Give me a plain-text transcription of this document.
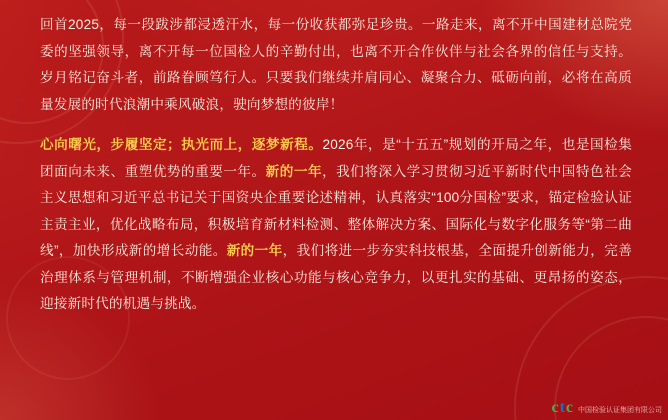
回首2025，每一段跋涉都浸透汗水，每一份收获都弥足珍贵。一路走来，离不开中国建材总院党委的坚强领导，离不开每一位国检人的辛勤付出，也离不开合作伙伴与社会各界的信任与支持。岁月铭记奋斗者，前路眷顾笃行人。只要我们继续并肩同心、凝聚合力、砥砺向前，必将在高质量发展的时代浪潮中乘风破浪，驶向梦想的彼岸！

心向曙光，步履坚定；执光而上，逐梦新程。2026年，是“十五五”规划的开局之年，也是国检集团面向未来、重塑优势的重要一年。新的一年，我们将深入学习贯彻习近平新时代中国特色社会主义思想和习近平总书记关于国资央企重要论述精神，认真落实“100分国检”要求，锚定检验认证主责主业，优化战略布局，积极培育新材料检测、整体解决方案、国际化与数字化服务等“第二曲线”，加快形成新的增长动能。新的一年，我们将进一步夯实科技根基，全面提升创新能力，完善治理体系与管理机制，不断增强企业核心功能与核心竞争力，以更扎实的基础、更昂扬的姿态，迎接新时代的机遇与挑战。

c t c 中国检验认证集团有限公司
